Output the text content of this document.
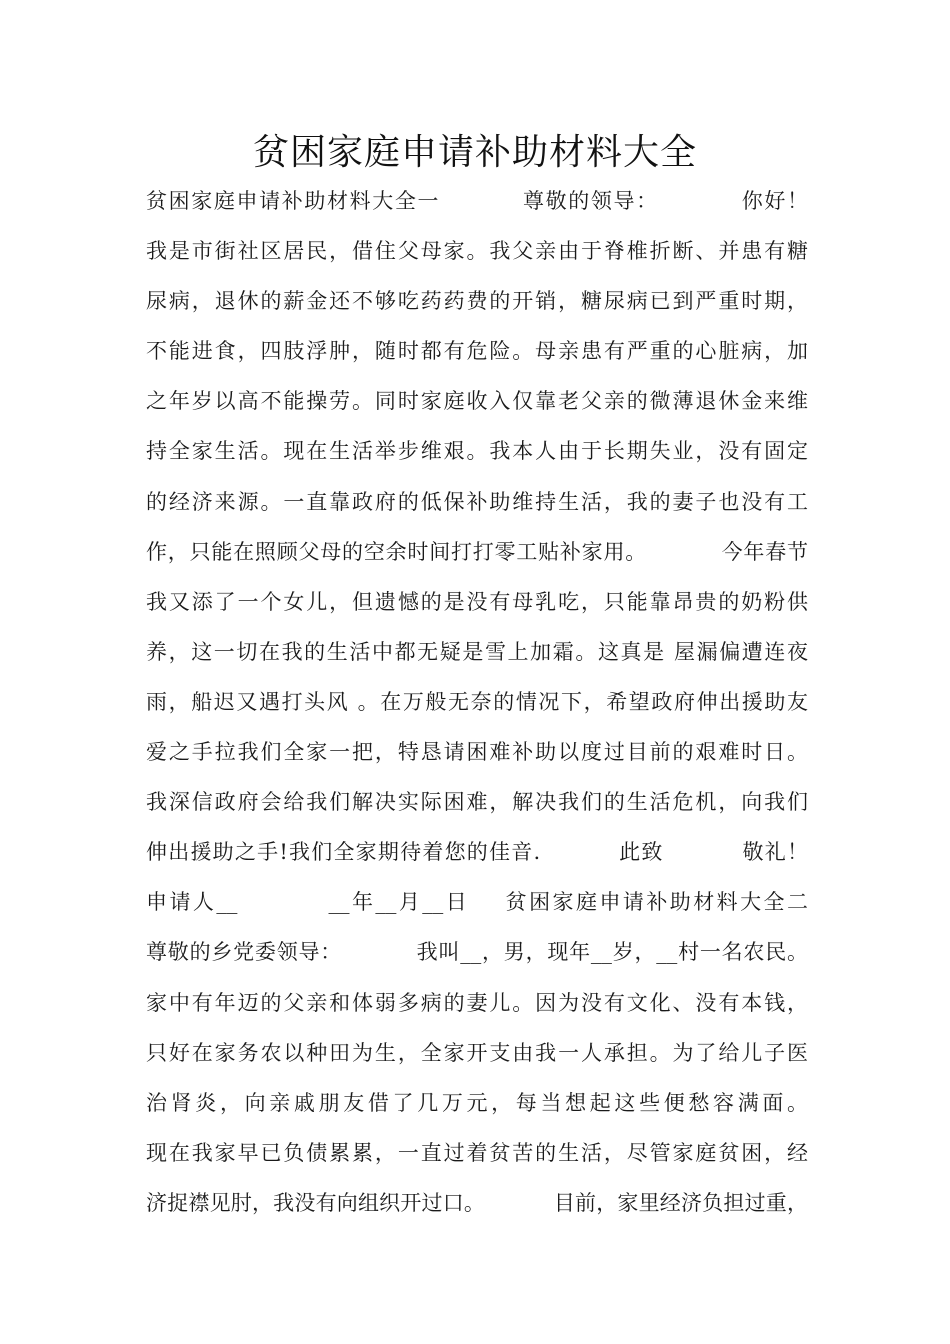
贫困家庭申请补助材料大全
贫困家庭申请补助材料大全一          尊敬的领导：          你好！
我是市街社区居民，借住父母家。我父亲由于脊椎折断、并患有糖
尿病，退休的薪金还不够吃药药费的开销，糖尿病已到严重时期，
不能进食，四肢浮肿，随时都有危险。母亲患有严重的心脏病，加
之年岁以高不能操劳。同时家庭收入仅靠老父亲的微薄退休金来维
持全家生活。现在生活举步维艰。我本人由于长期失业，没有固定
的经济来源。一直靠政府的低保补助维持生活，我的妻子也没有工
作，只能在照顾父母的空余时间打打零工贴补家用。          今年春节
我又添了一个女儿，但遗憾的是没有母乳吃，只能靠昂贵的奶粉供
养，这一切在我的生活中都无疑是雪上加霜。这真是 屋漏偏遭连夜
雨，船迟又遇打头风 。在万般无奈的情况下，希望政府伸出援助友
爱之手拉我们全家一把，特恳请困难补助以度过目前的艰难时日。
我深信政府会给我们解决实际困难，解决我们的生活危机，向我们
伸出援助之手!我们全家期待着您的佳音.          此致          敬礼！
申请人__          __年__月__日    贫困家庭申请补助材料大全二
尊敬的乡党委领导：          我叫__，男，现年__岁，__村一名农民。
家中有年迈的父亲和体弱多病的妻儿。因为没有文化、没有本钱，
只好在家务农以种田为生，全家开支由我一人承担。为了给儿子医
治肾炎，向亲戚朋友借了几万元，每当想起这些便愁容满面。
现在我家早已负债累累，一直过着贫苦的生活，尽管家庭贫困，经
济捉襟见肘，我没有向组织开过口。          目前，家里经济负担过重，
